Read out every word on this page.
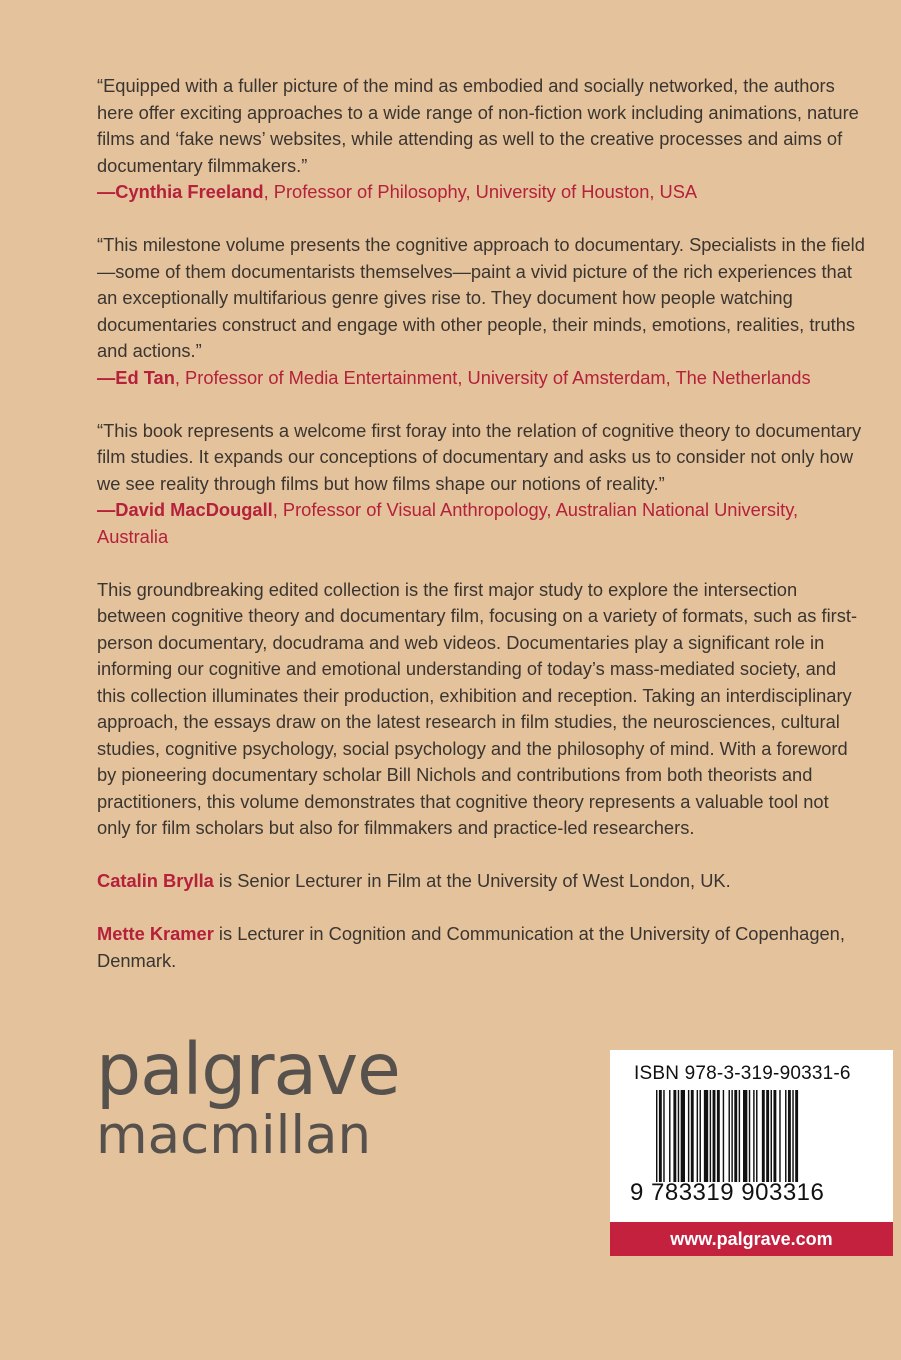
“Equipped with a fuller picture of the mind as embodied and socially networked, the authors here offer exciting approaches to a wide range of non-fiction work including animations, nature films and ‘fake news’ websites, while attending as well to the creative processes and aims of documentary filmmakers.”

—Cynthia Freeland, Professor of Philosophy, University of Houston, USA

“This milestone volume presents the cognitive approach to documentary. Specialists in the field—some of them documentarists themselves—paint a vivid picture of the rich experiences that an exceptionally multifarious genre gives rise to. They document how people watching documentaries construct and engage with other people, their minds, emotions, realities, truths and actions.”

—Ed Tan, Professor of Media Entertainment, University of Amsterdam, The Netherlands

“This book represents a welcome first foray into the relation of cognitive theory to documentary film studies. It expands our conceptions of documentary and asks us to consider not only how we see reality through films but how films shape our notions of reality.”

—David MacDougall, Professor of Visual Anthropology, Australian National University, Australia

This groundbreaking edited collection is the first major study to explore the intersection between cognitive theory and documentary film, focusing on a variety of formats, such as first-person documentary, docudrama and web videos. Documentaries play a significant role in informing our cognitive and emotional understanding of today’s mass-mediated society, and this collection illuminates their production, exhibition and reception. Taking an interdisciplinary approach, the essays draw on the latest research in film studies, the neurosciences, cultural studies, cognitive psychology, social psychology and the philosophy of mind. With a foreword by pioneering documentary scholar Bill Nichols and contributions from both theorists and practitioners, this volume demonstrates that cognitive theory represents a valuable tool not only for film scholars but also for filmmakers and practice-led researchers.

Catalin Brylla is Senior Lecturer in Film at the University of West London, UK.

Mette Kramer is Lecturer in Cognition and Communication at the University of Copenhagen, Denmark.

palgrave
macmillan
ISBN 978-3-319-90331-6
9 783319 903316
www.palgrave.com
